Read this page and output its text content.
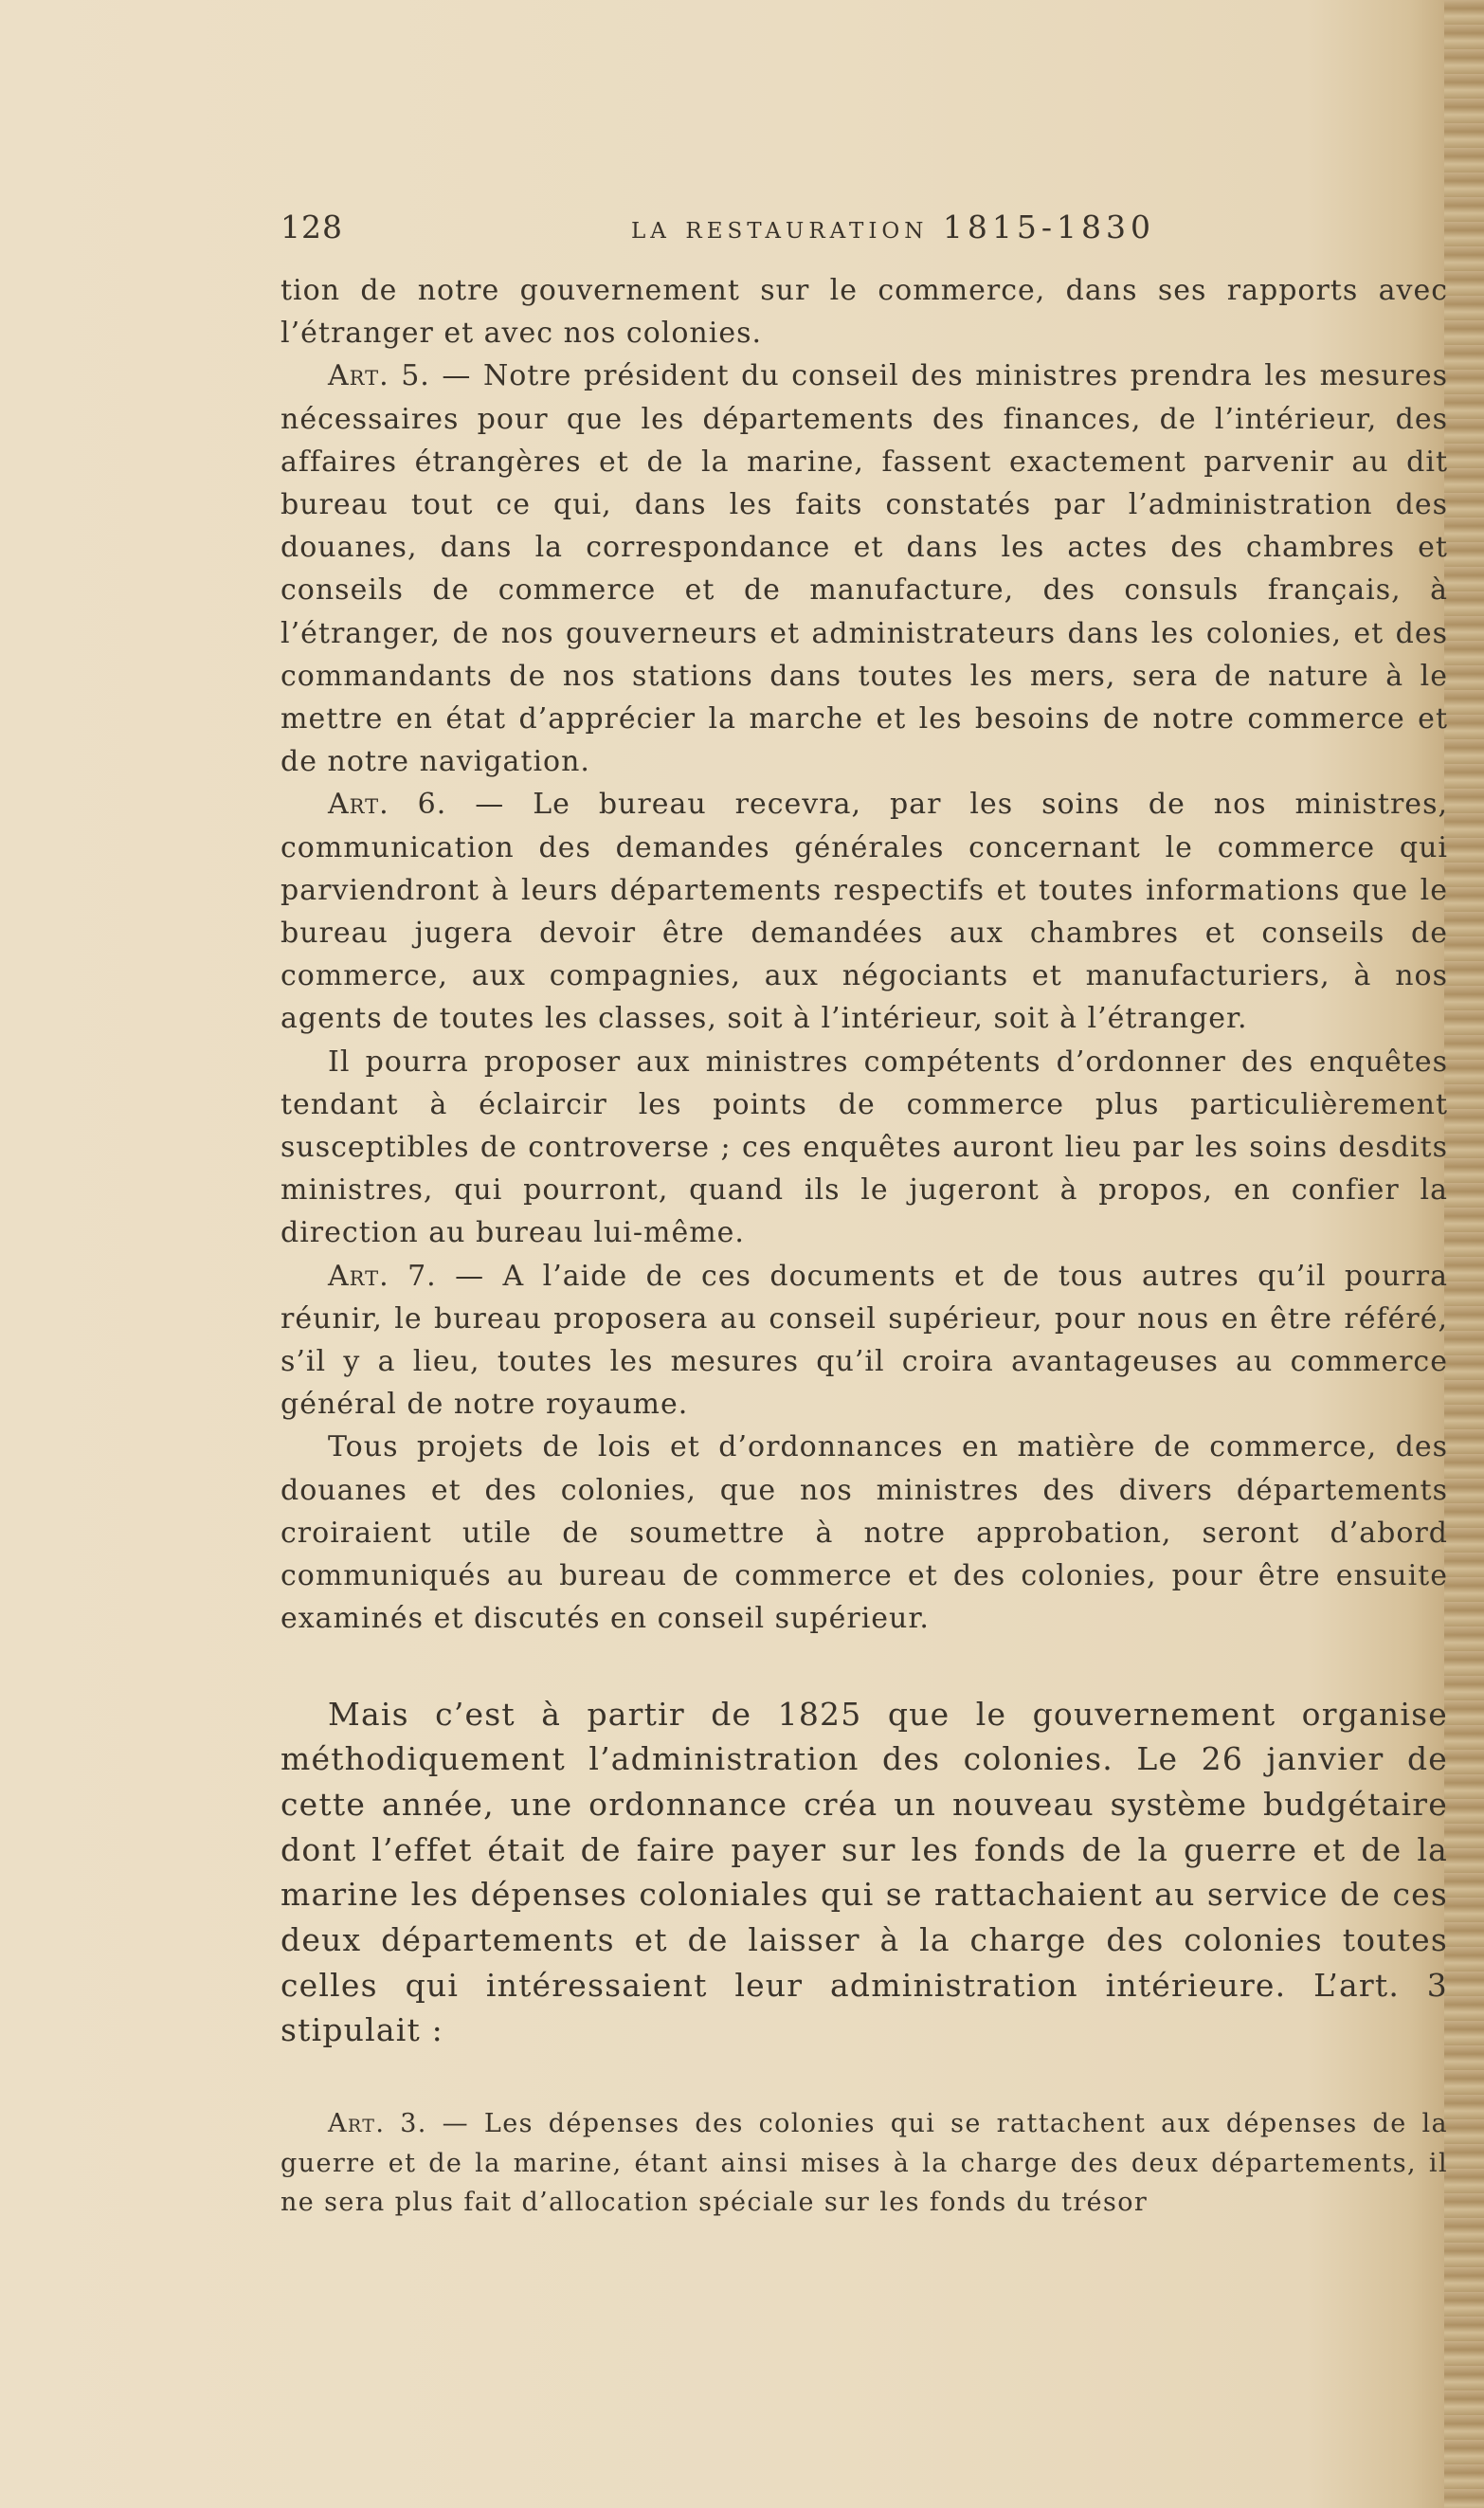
128	la restauration 1815-1830

tion de notre gouvernement sur le commerce, dans ses rapports avec l’étranger et avec nos colonies.

Art. 5. — Notre président du conseil des ministres prendra les mesures nécessaires pour que les départements des finances, de l’intérieur, des affaires étrangères et de la marine, fassent exactement parvenir au dit bureau tout ce qui, dans les faits constatés par l’administration des douanes, dans la correspondance et dans les actes des chambres et conseils de commerce et de manufacture, des consuls français, à l’étranger, de nos gouverneurs et administrateurs dans les colonies, et des commandants de nos stations dans toutes les mers, sera de nature à le mettre en état d’apprécier la marche et les besoins de notre commerce et de notre navigation.

Art. 6. — Le bureau recevra, par les soins de nos ministres, communication des demandes générales concernant le commerce qui parviendront à leurs départements respectifs et toutes informations que le bureau jugera devoir être demandées aux chambres et conseils de commerce, aux compagnies, aux négociants et manufacturiers, à nos agents de toutes les classes, soit à l’intérieur, soit à l’étranger.

Il pourra proposer aux ministres compétents d’ordonner des enquêtes tendant à éclaircir les points de commerce plus particulièrement susceptibles de controverse ; ces enquêtes auront lieu par les soins desdits ministres, qui pourront, quand ils le jugeront à propos, en confier la direction au bureau lui-même.

Art. 7. — A l’aide de ces documents et de tous autres qu’il pourra réunir, le bureau proposera au conseil supérieur, pour nous en être référé, s’il y a lieu, toutes les mesures qu’il croira avantageuses au commerce général de notre royaume.

Tous projets de lois et d’ordonnances en matière de commerce, des douanes et des colonies, que nos ministres des divers départements croiraient utile de soumettre à notre approbation, seront d’abord communiqués au bureau de commerce et des colonies, pour être ensuite examinés et discutés en conseil supérieur.

Mais c’est à partir de 1825 que le gouvernement organise méthodiquement l’administration des colonies. Le 26 janvier de cette année, une ordonnance créa un nouveau système budgétaire dont l’effet était de faire payer sur les fonds de la guerre et de la marine les dépenses coloniales qui se rattachaient au service de ces deux départements et de laisser à la charge des colonies toutes celles qui intéressaient leur administration intérieure. L’art. 3 stipulait :

Art. 3. — Les dépenses des colonies qui se rattachent aux dépenses de la guerre et de la marine, étant ainsi mises à la charge des deux départements, il ne sera plus fait d’allocation spéciale sur les fonds du trésor
